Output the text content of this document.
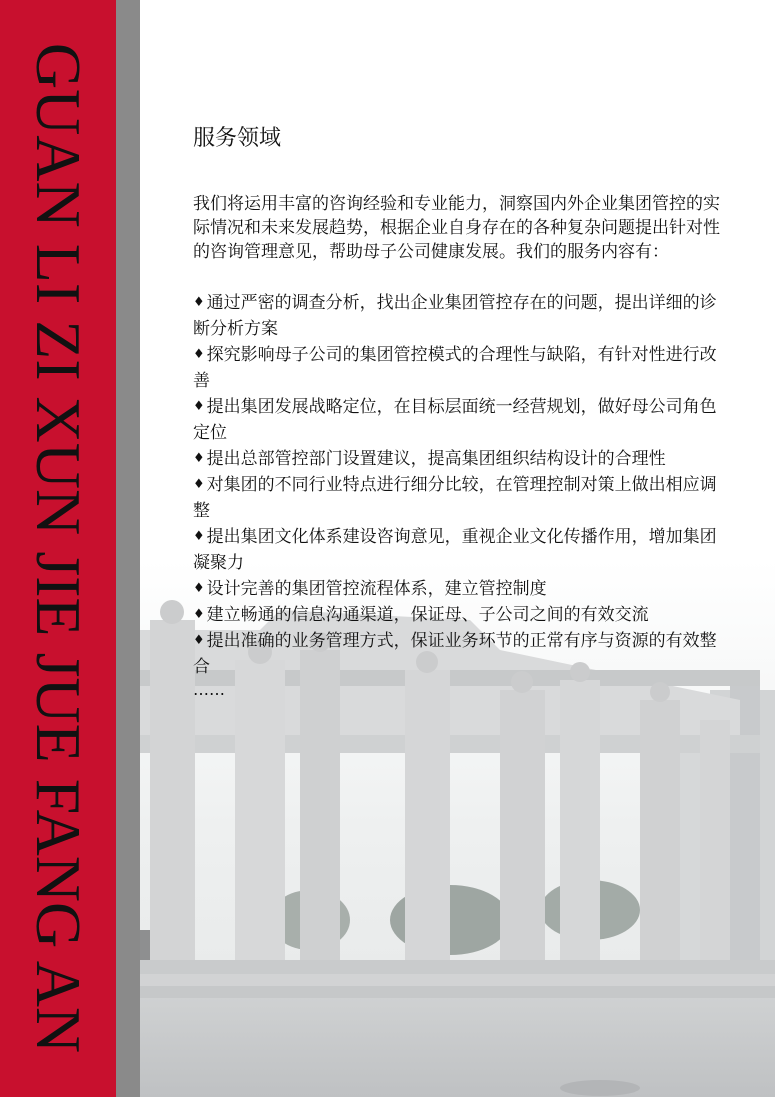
GUAN LI ZI XUN JIE JUE FANG AN	服务领域

我们将运用丰富的咨询经验和专业能力，洞察国内外企业集团管控的实际情况和未来发展趋势，根据企业自身存在的各种复杂问题提出针对性的咨询管理意见，帮助母子公司健康发展。我们的服务内容有：

♦ 通过严密的调查分析，找出企业集团管控存在的问题，提出详细的诊断分析方案
♦ 探究影响母子公司的集团管控模式的合理性与缺陷，有针对性进行改善
♦ 提出集团发展战略定位，在目标层面统一经营规划，做好母公司角色定位
♦ 提出总部管控部门设置建议，提高集团组织结构设计的合理性
♦ 对集团的不同行业特点进行细分比较，在管理控制对策上做出相应调整
♦ 提出集团文化体系建设咨询意见，重视企业文化传播作用，增加集团凝聚力
♦ 设计完善的集团管控流程体系，建立管控制度
♦ 建立畅通的信息沟通渠道，保证母、子公司之间的有效交流
♦ 提出准确的业务管理方式，保证业务环节的正常有序与资源的有效整合
……
